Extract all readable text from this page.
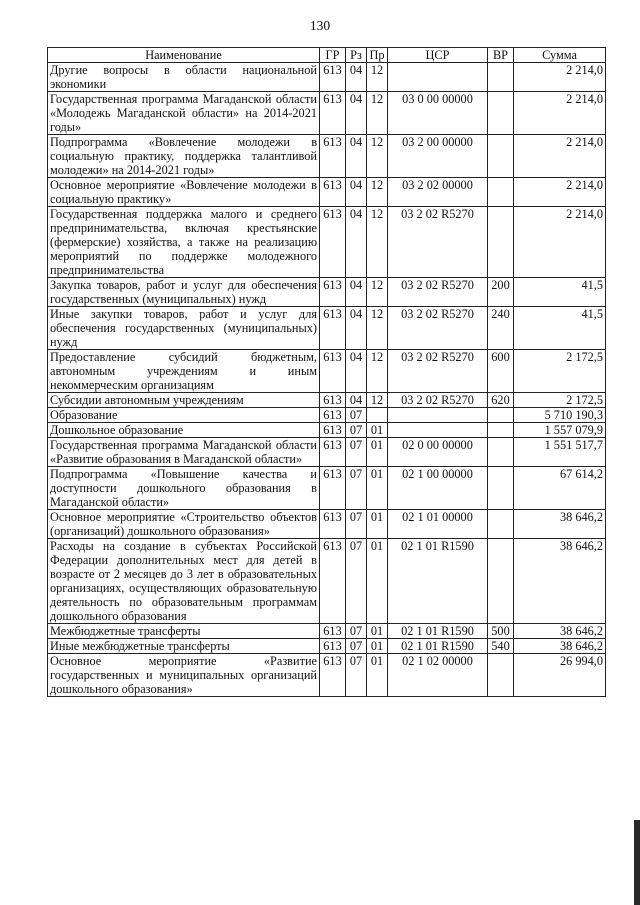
130
Наименование	ГР	Рз	Пр	ЦСР	ВР	Сумма
Другие вопросы в области национальной экономики	613	04	12			2 214,0
Государственная программа Магаданской области «Молодежь Магаданской области» на 2014-2021 годы»	613	04	12	03 0 00 00000		2 214,0
Подпрограмма «Вовлечение молодежи в социальную практику, поддержка талантливой молодежи» на 2014-2021 годы»	613	04	12	03 2 00 00000		2 214,0
Основное мероприятие «Вовлечение молодежи в социальную практику»	613	04	12	03 2 02 00000		2 214,0
Государственная поддержка малого и среднего предпринимательства, включая крестьянские (фермерские) хозяйства, а также на реализацию мероприятий по поддержке молодежного предпринимательства	613	04	12	03 2 02 R5270		2 214,0
Закупка товаров, работ и услуг для обеспечения государственных (муниципальных) нужд	613	04	12	03 2 02 R5270	200	41,5
Иные закупки товаров, работ и услуг для обеспечения государственных (муниципальных) нужд	613	04	12	03 2 02 R5270	240	41,5
Предоставление субсидий бюджетным, автономным учреждениям и иным некоммерческим организациям	613	04	12	03 2 02 R5270	600	2 172,5
Субсидии автономным учреждениям	613	04	12	03 2 02 R5270	620	2 172,5
Образование	613	07				5 710 190,3
Дошкольное образование	613	07	01			1 557 079,9
Государственная программа Магаданской области «Развитие образования в Магаданской области»	613	07	01	02 0 00 00000		1 551 517,7
Подпрограмма «Повышение качества и доступности дошкольного образования в Магаданской области»	613	07	01	02 1 00 00000		67 614,2
Основное мероприятие «Строительство объектов (организаций) дошкольного образования»	613	07	01	02 1 01 00000		38 646,2
Расходы на создание в субъектах Российской Федерации дополнительных мест для детей в возрасте от 2 месяцев до 3 лет в образовательных организациях, осуществляющих образовательную деятельность по образовательным программам дошкольного образования	613	07	01	02 1 01 R1590		38 646,2
Межбюджетные трансферты	613	07	01	02 1 01 R1590	500	38 646,2
Иные межбюджетные трансферты	613	07	01	02 1 01 R1590	540	38 646,2
Основное мероприятие «Развитие государственных и муниципальных организаций дошкольного образования»	613	07	01	02 1 02 00000		26 994,0
